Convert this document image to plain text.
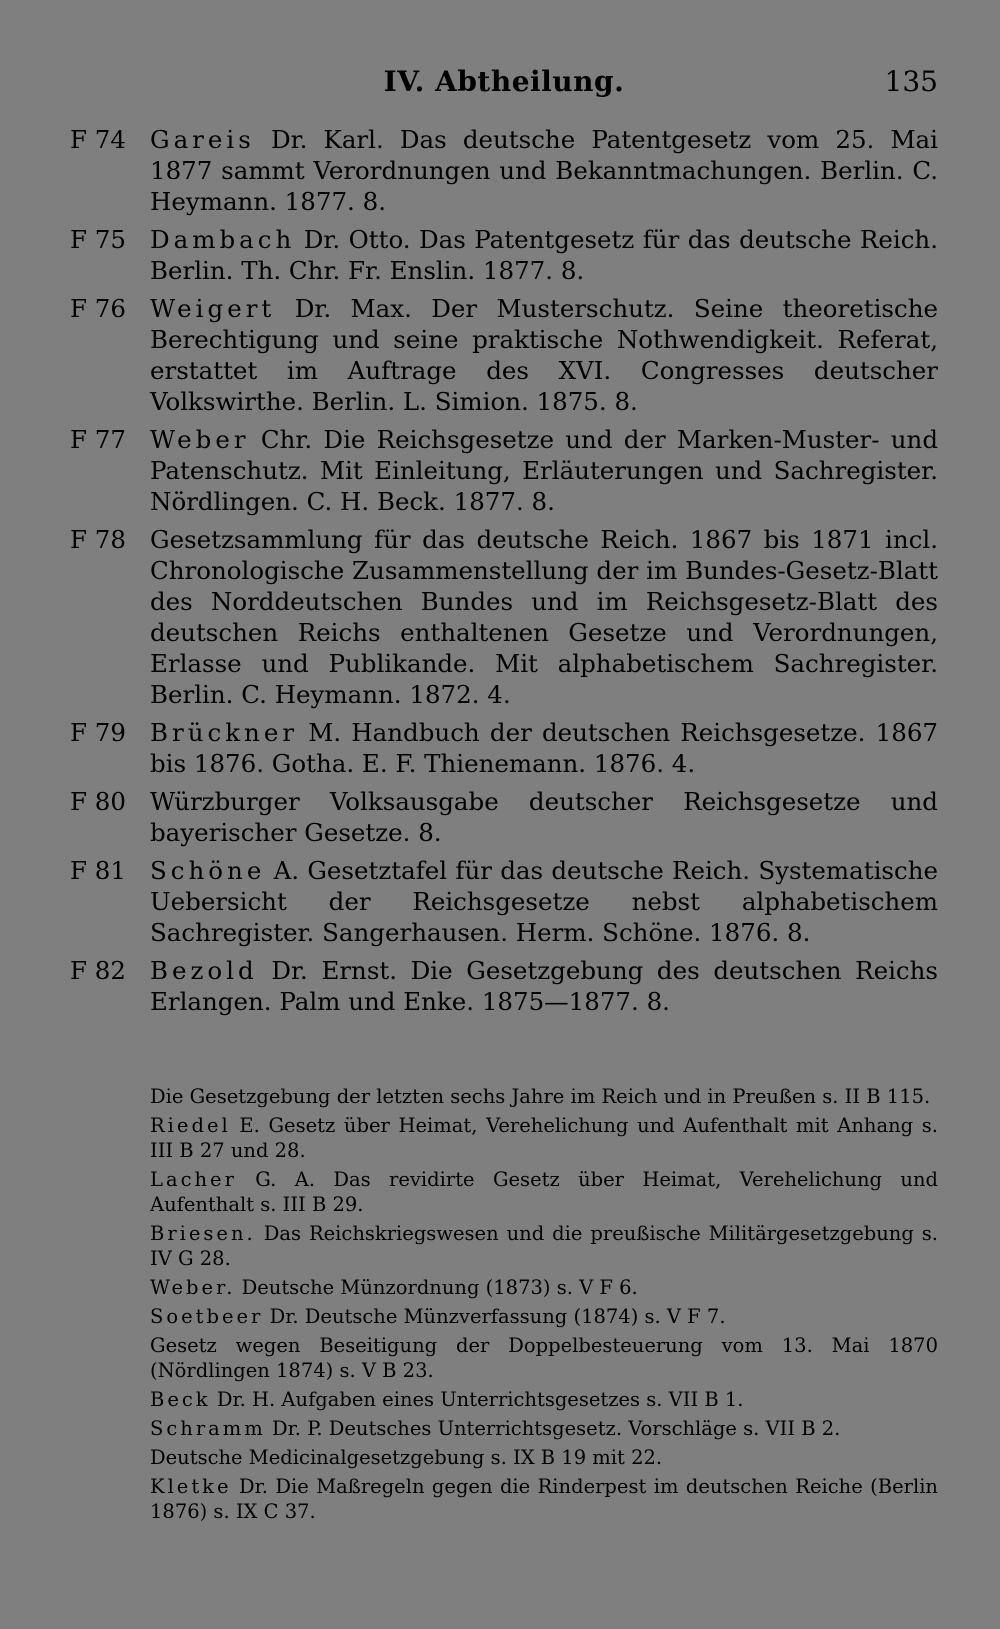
IV. Abtheilung.	135
F 74 Gareis Dr. Karl. Das deutsche Patentgesetz vom 25. Mai 1877 sammt Verordnungen und Bekanntmachungen. Berlin. C. Heymann. 1877. 8.
F 75 Dambach Dr. Otto. Das Patentgesetz für das deutsche Reich. Berlin. Th. Chr. Fr. Enslin. 1877. 8.
F 76 Weigert Dr. Max. Der Musterschutz. Seine theoretische Berechtigung und seine praktische Nothwendigkeit. Referat, erstattet im Auftrage des XVI. Congresses deutscher Volkswirthe. Berlin. L. Simion. 1875. 8.
F 77 Weber Chr. Die Reichsgesetze und der Marken-Muster- und Patenschutz. Mit Einleitung, Erläuterungen und Sachregister. Nördlingen. C. H. Beck. 1877. 8.
F 78 Gesetzsammlung für das deutsche Reich. 1867 bis 1871 incl. Chronologische Zusammenstellung der im Bundes-Gesetz-Blatt des Norddeutschen Bundes und im Reichsgesetz-Blatt des deutschen Reichs enthaltenen Gesetze und Verordnungen, Erlasse und Publikande. Mit alphabetischem Sachregister. Berlin. C. Heymann. 1872. 4.
F 79 Brückner M. Handbuch der deutschen Reichsgesetze. 1867 bis 1876. Gotha. E. F. Thienemann. 1876. 4.
F 80 Würzburger Volksausgabe deutscher Reichsgesetze und bayerischer Gesetze. 8.
F 81 Schöne A. Gesetztafel für das deutsche Reich. Systematische Uebersicht der Reichsgesetze nebst alphabetischem Sachregister. Sangerhausen. Herm. Schöne. 1876. 8.
F 82 Bezold Dr. Ernst. Die Gesetzgebung des deutschen Reichs Erlangen. Palm und Enke. 1875—1877. 8.
Die Gesetzgebung der letzten sechs Jahre im Reich und in Preußen s. II B 115.
Riedel E. Gesetz über Heimat, Verehelichung und Aufenthalt mit Anhang s. III B 27 und 28.
Lacher G. A. Das revidirte Gesetz über Heimat, Verehelichung und Aufenthalt s. III B 29.
Briesen. Das Reichskriegswesen und die preußische Militärgesetzgebung s. IV G 28.
Weber. Deutsche Münzordnung (1873) s. V F 6.
Soetbeer Dr. Deutsche Münzverfassung (1874) s. V F 7.
Gesetz wegen Beseitigung der Doppelbesteuerung vom 13. Mai 1870 (Nördlingen 1874) s. V B 23.
Beck Dr. H. Aufgaben eines Unterrichtsgesetzes s. VII B 1.
Schramm Dr. P. Deutsches Unterrichtsgesetz. Vorschläge s. VII B 2.
Deutsche Medicinalgesetzgebung s. IX B 19 mit 22.
Kletke Dr. Die Maßregeln gegen die Rinderpest im deutschen Reiche (Berlin 1876) s. IX C 37.
